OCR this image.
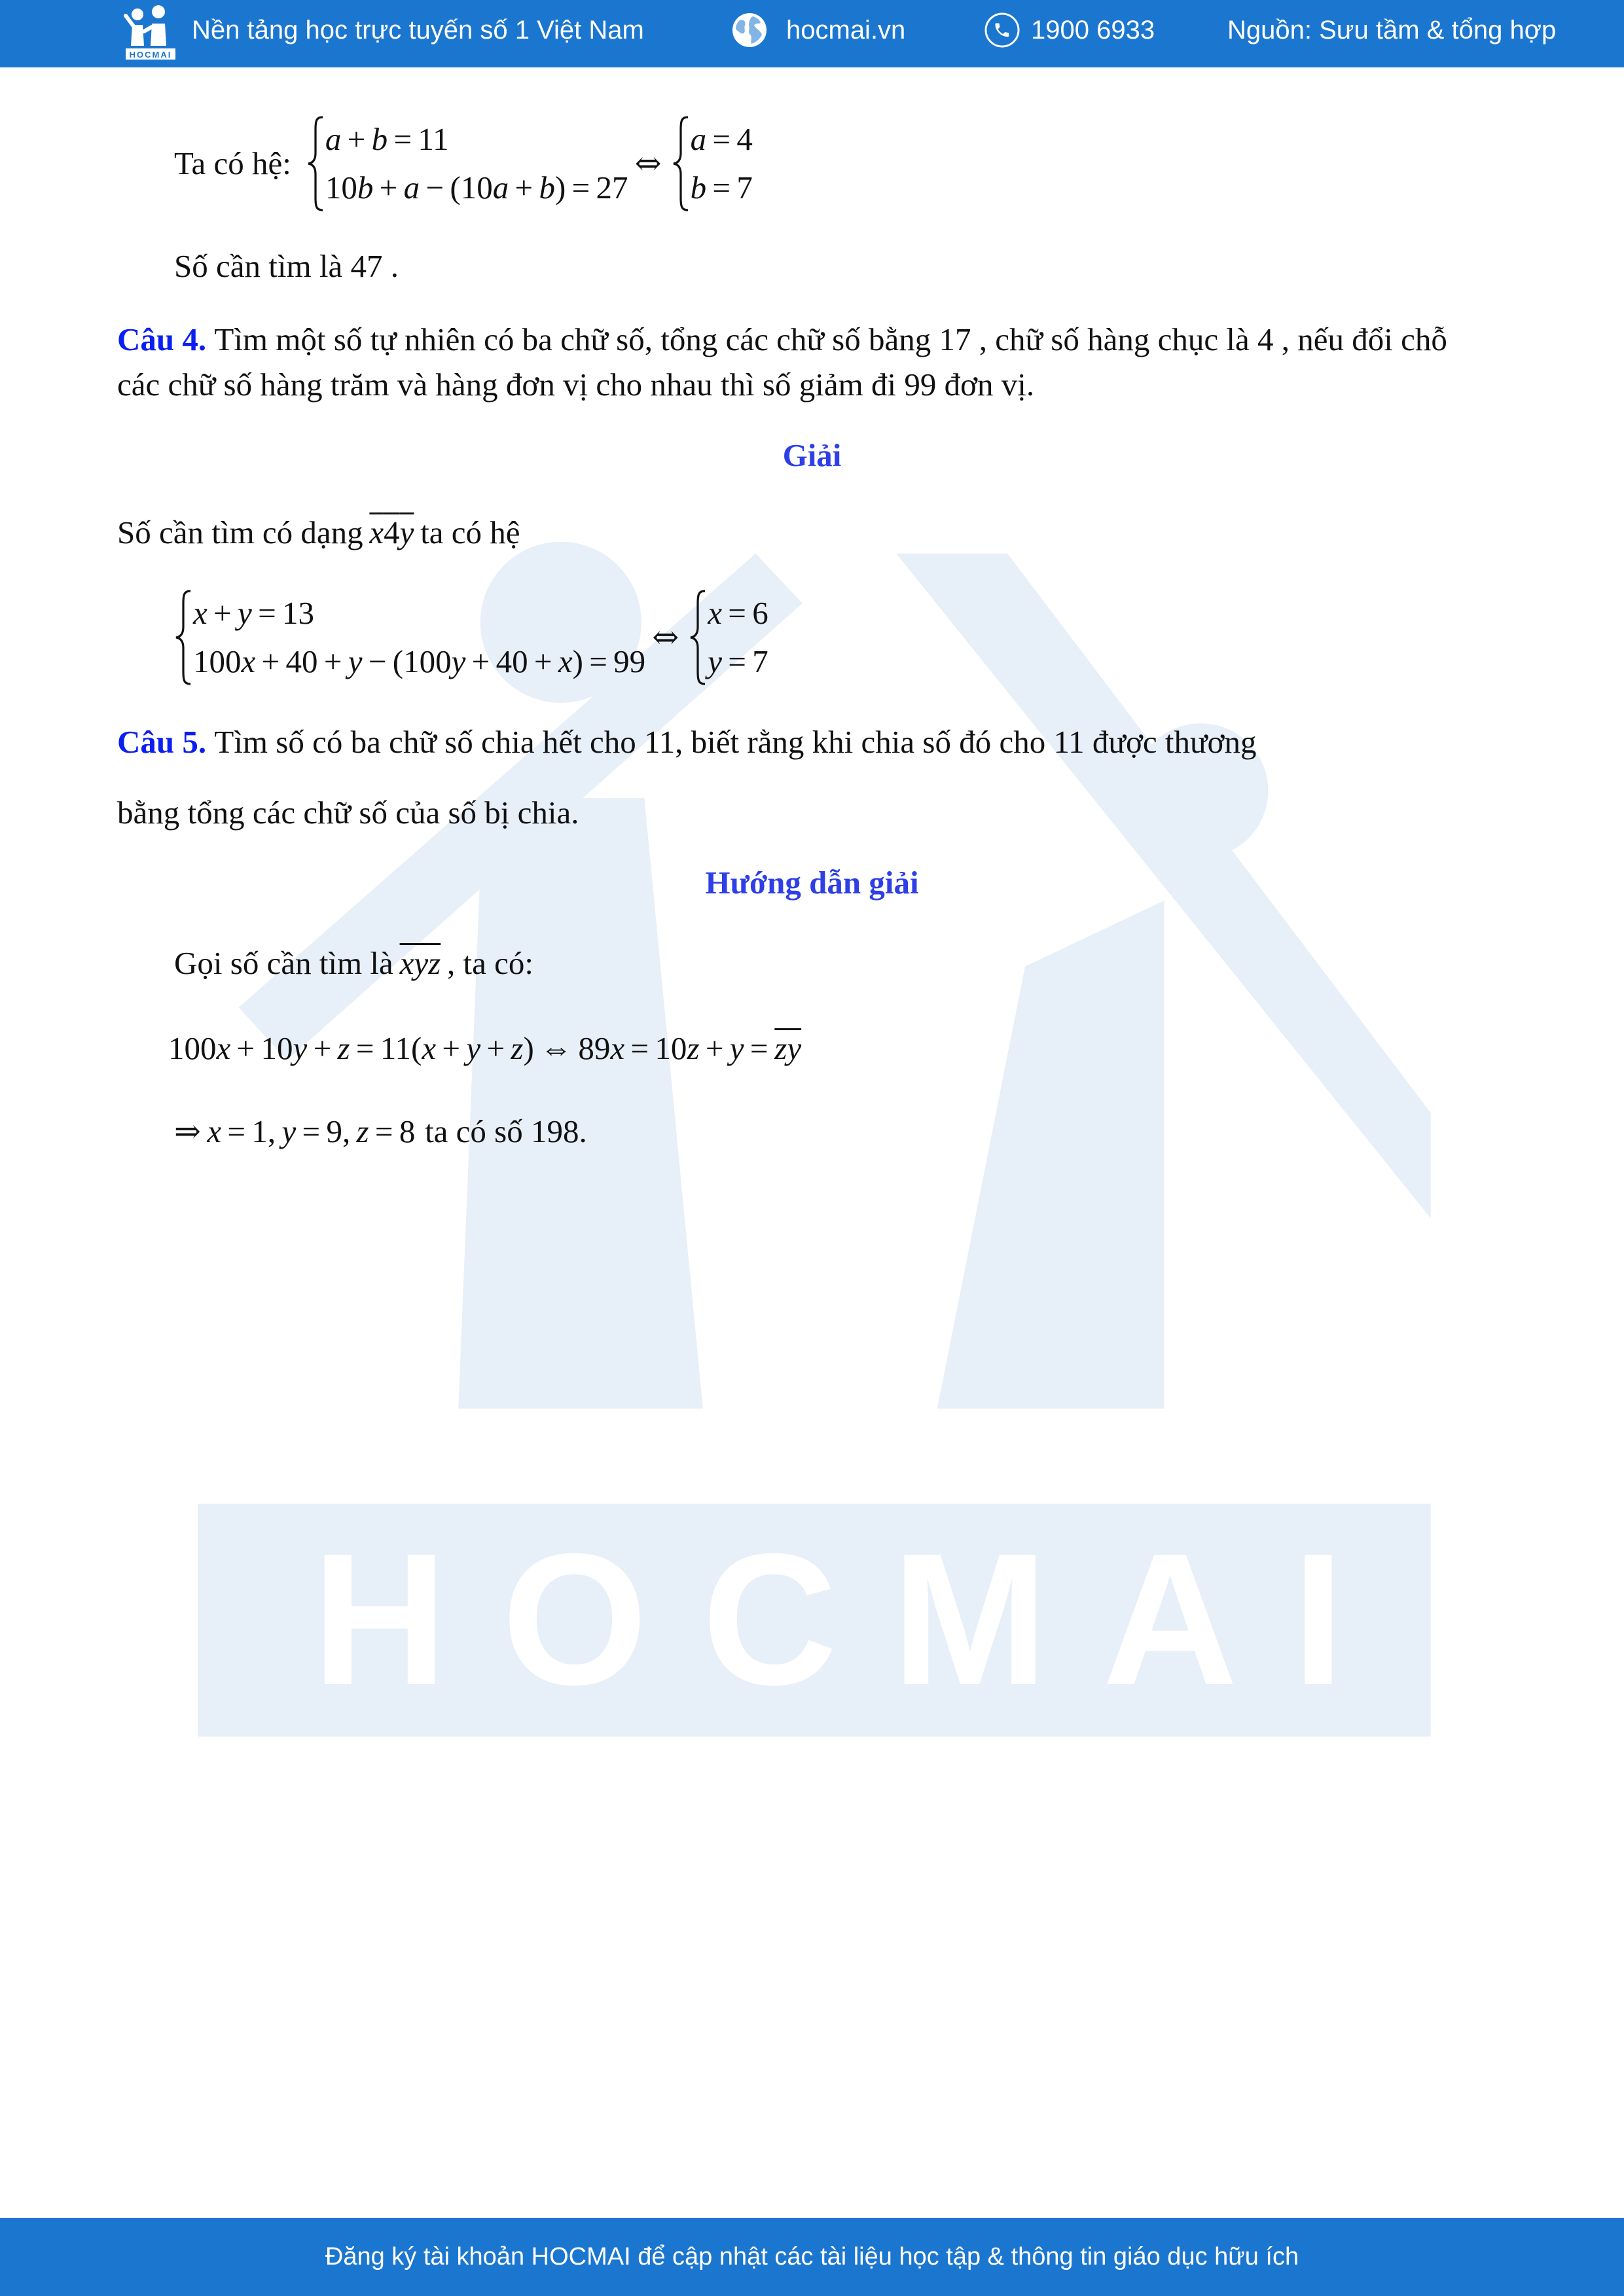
HOCMAI
HOCMAI
Nền tảng học trực tuyến số 1 Việt Nam	hocmai.vn	1900 6933	Nguồn: Sưu tầm & tổng hợp
Ta có hệ:
a + b = 11
10b + a − (10a + b) = 27
⇔
a = 4
b = 7
Số cần tìm là 47 .
Câu 4. Tìm một số tự nhiên có ba chữ số, tổng các chữ số bằng 17 , chữ số hàng chục là 4 , nếu đổi chỗ
các chữ số hàng trăm và hàng đơn vị cho nhau thì số giảm đi 99 đơn vị.
Giải
Số cần tìm có dạng x4y ta có hệ
x + y = 13
100x + 40 + y − (100y + 40 + x) = 99
⇔
x = 6
y = 7
Câu 5. Tìm số có ba chữ số chia hết cho 11, biết rằng khi chia số đó cho 11 được thương
bằng tổng các chữ số của số bị chia.
Hướng dẫn giải
Gọi số cần tìm là xyz , ta có:
100x + 10y + z = 11(x + y + z) ⇔ 89x = 10z + y = zy
⇒ x = 1, y = 9, z = 8 ta có số 198.
Đăng ký tài khoản HOCMAI để cập nhật các tài liệu học tập & thông tin giáo dục hữu ích
